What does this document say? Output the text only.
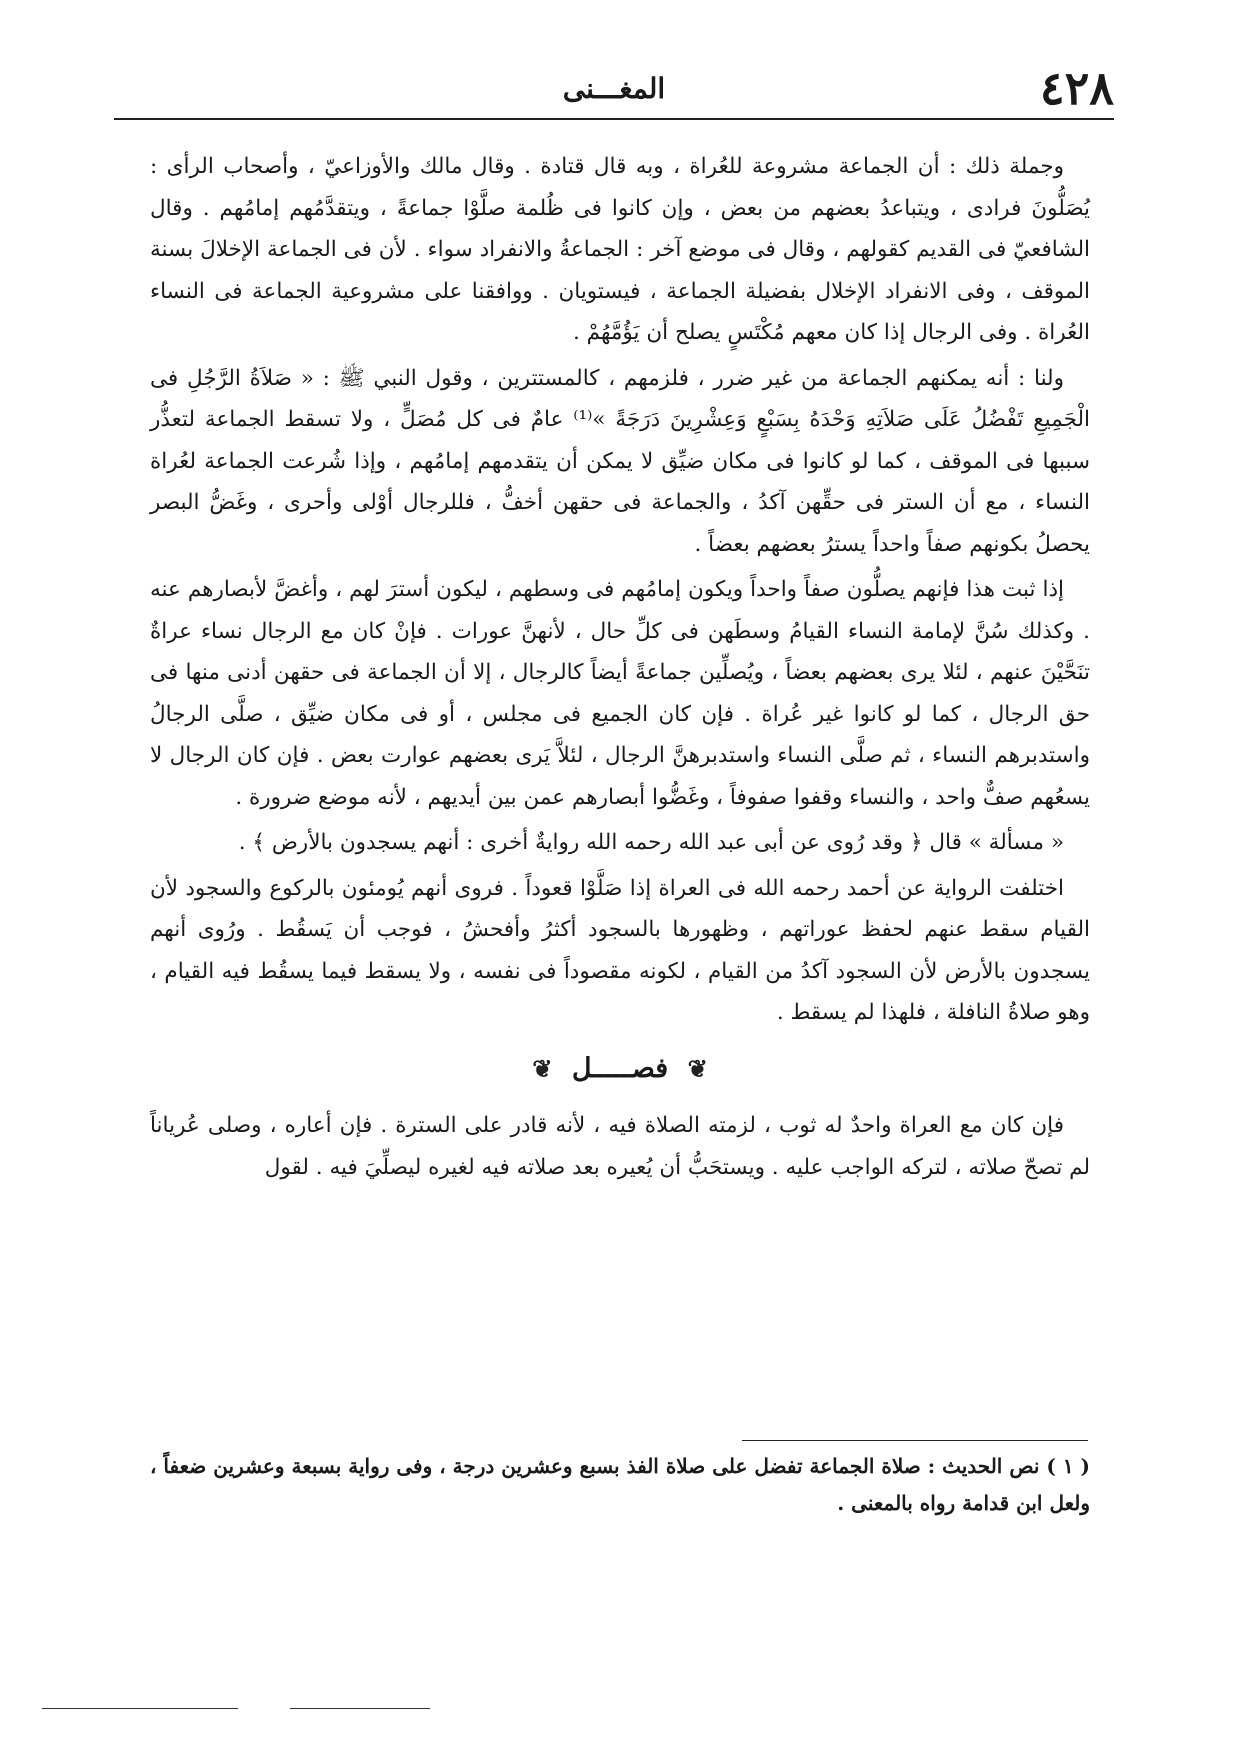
٤٢٨
المغـــنى

وجملة ذلك : أن الجماعة مشروعة للعُراة ، وبه قال قتادة . وقال مالك والأوزاعيّ ، وأصحاب الرأى : يُصَلُّونَ فرادى ، ويتباعدُ بعضهم من بعض ، وإن كانوا فى ظُلمة صلَّوْا جماعةً ، ويتقدَّمُهم إمامُهم . وقال الشافعيّ فى القديم كقولهم ، وقال فى موضع آخر : الجماعةُ والانفراد سواء . لأن فى الجماعة الإخلالَ بسنة الموقف ، وفى الانفراد الإخلال بفضيلة الجماعة ، فيستويان . ووافقنا على مشروعية الجماعة فى النساء العُراة . وفى الرجال إذا كان معهم مُكْتَسٍ يصلح أن يَؤُمَّهُمْ .

ولنا : أنه يمكنهم الجماعة من غير ضرر ، فلزمهم ، كالمستترين ، وقول النبي ﷺ : « صَلاَةُ الرَّجُلِ فى الْجَمِيعِ تَفْضُلُ عَلَى صَلاَتِهِ وَحْدَهُ بِسَبْعٍ وَعِشْرِينَ دَرَجَةً »⁽¹⁾ عامٌ فى كل مُصَلٍّ ، ولا تسقط الجماعة لتعذُّر سببها فى الموقف ، كما لو كانوا فى مكان ضيِّق لا يمكن أن يتقدمهم إمامُهم ، وإذا شُرعت الجماعة لعُراة النساء ، مع أن الستر فى حقِّهن آكدُ ، والجماعة فى حقهن أخفُّ ، فللرجال أوْلى وأحرى ، وغَضُّ البصر يحصلُ بكونهم صفاً واحداً يسترُ بعضهم بعضاً .

إذا ثبت هذا فإنهم يصلُّون صفاً واحداً ويكون إمامُهم فى وسطهم ، ليكون أسترَ لهم ، وأغضَّ لأبصارهم عنه . وكذلك سُنَّ لإمامة النساء القيامُ وسطَهن فى كلِّ حال ، لأنهنَّ عورات . فإنْ كان مع الرجال نساء عراةٌ تنَحَّيْنَ عنهم ، لئلا يرى بعضهم بعضاً ، ويُصلِّين جماعةً أيضاً كالرجال ، إلا أن الجماعة فى حقهن أدنى منها فى حق الرجال ، كما لو كانوا غير عُراة . فإن كان الجميع فى مجلس ، أو فى مكان ضيِّق ، صلَّى الرجالُ واستدبرهم النساء ، ثم صلَّى النساء واستدبرهنَّ الرجال ، لئلاَّ يَرى بعضهم عوارت بعض . فإن كان الرجال لا يسعُهم صفٌّ واحد ، والنساء وقفوا صفوفاً ، وغَضُّوا أبصارهم عمن بين أيديهم ، لأنه موضع ضرورة .

« مسألة » قال ﴿ وقد رُوى عن أبى عبد الله رحمه الله روايةٌ أخرى : أنهم يسجدون بالأرض ﴾ .

اختلفت الرواية عن أحمد رحمه الله فى العراة إذا صَلَّوْا قعوداً . فروى أنهم يُومئون بالركوع والسجود لأن القيام سقط عنهم لحفظ عوراتهم ، وظهورها بالسجود أكثرُ وأفحشُ ، فوجب أن يَسقُط . ورُوى أنهم يسجدون بالأرض لأن السجود آكدُ من القيام ، لكونه مقصوداً فى نفسه ، ولا يسقط فيما يسقُط فيه القيام ، وهو صلاةُ النافلة ، فلهذا لم يسقط .

❦ فصـــــل ❦

فإن كان مع العراة واحدٌ له ثوب ، لزمته الصلاة فيه ، لأنه قادر على السترة . فإن أعاره ، وصلى عُرياناً لم تصحّ صلاته ، لتركه الواجب عليه . ويستحَبُّ أن يُعيره بعد صلاته فيه لغيره ليصلِّيَ فيه . لقول

( ١ ) نص الحديث : صلاة الجماعة تفضل على صلاة الفذ بسبع وعشرين درجة ، وفى رواية بسبعة وعشرين ضعفاً ، ولعل ابن قدامة رواه بالمعنى .
